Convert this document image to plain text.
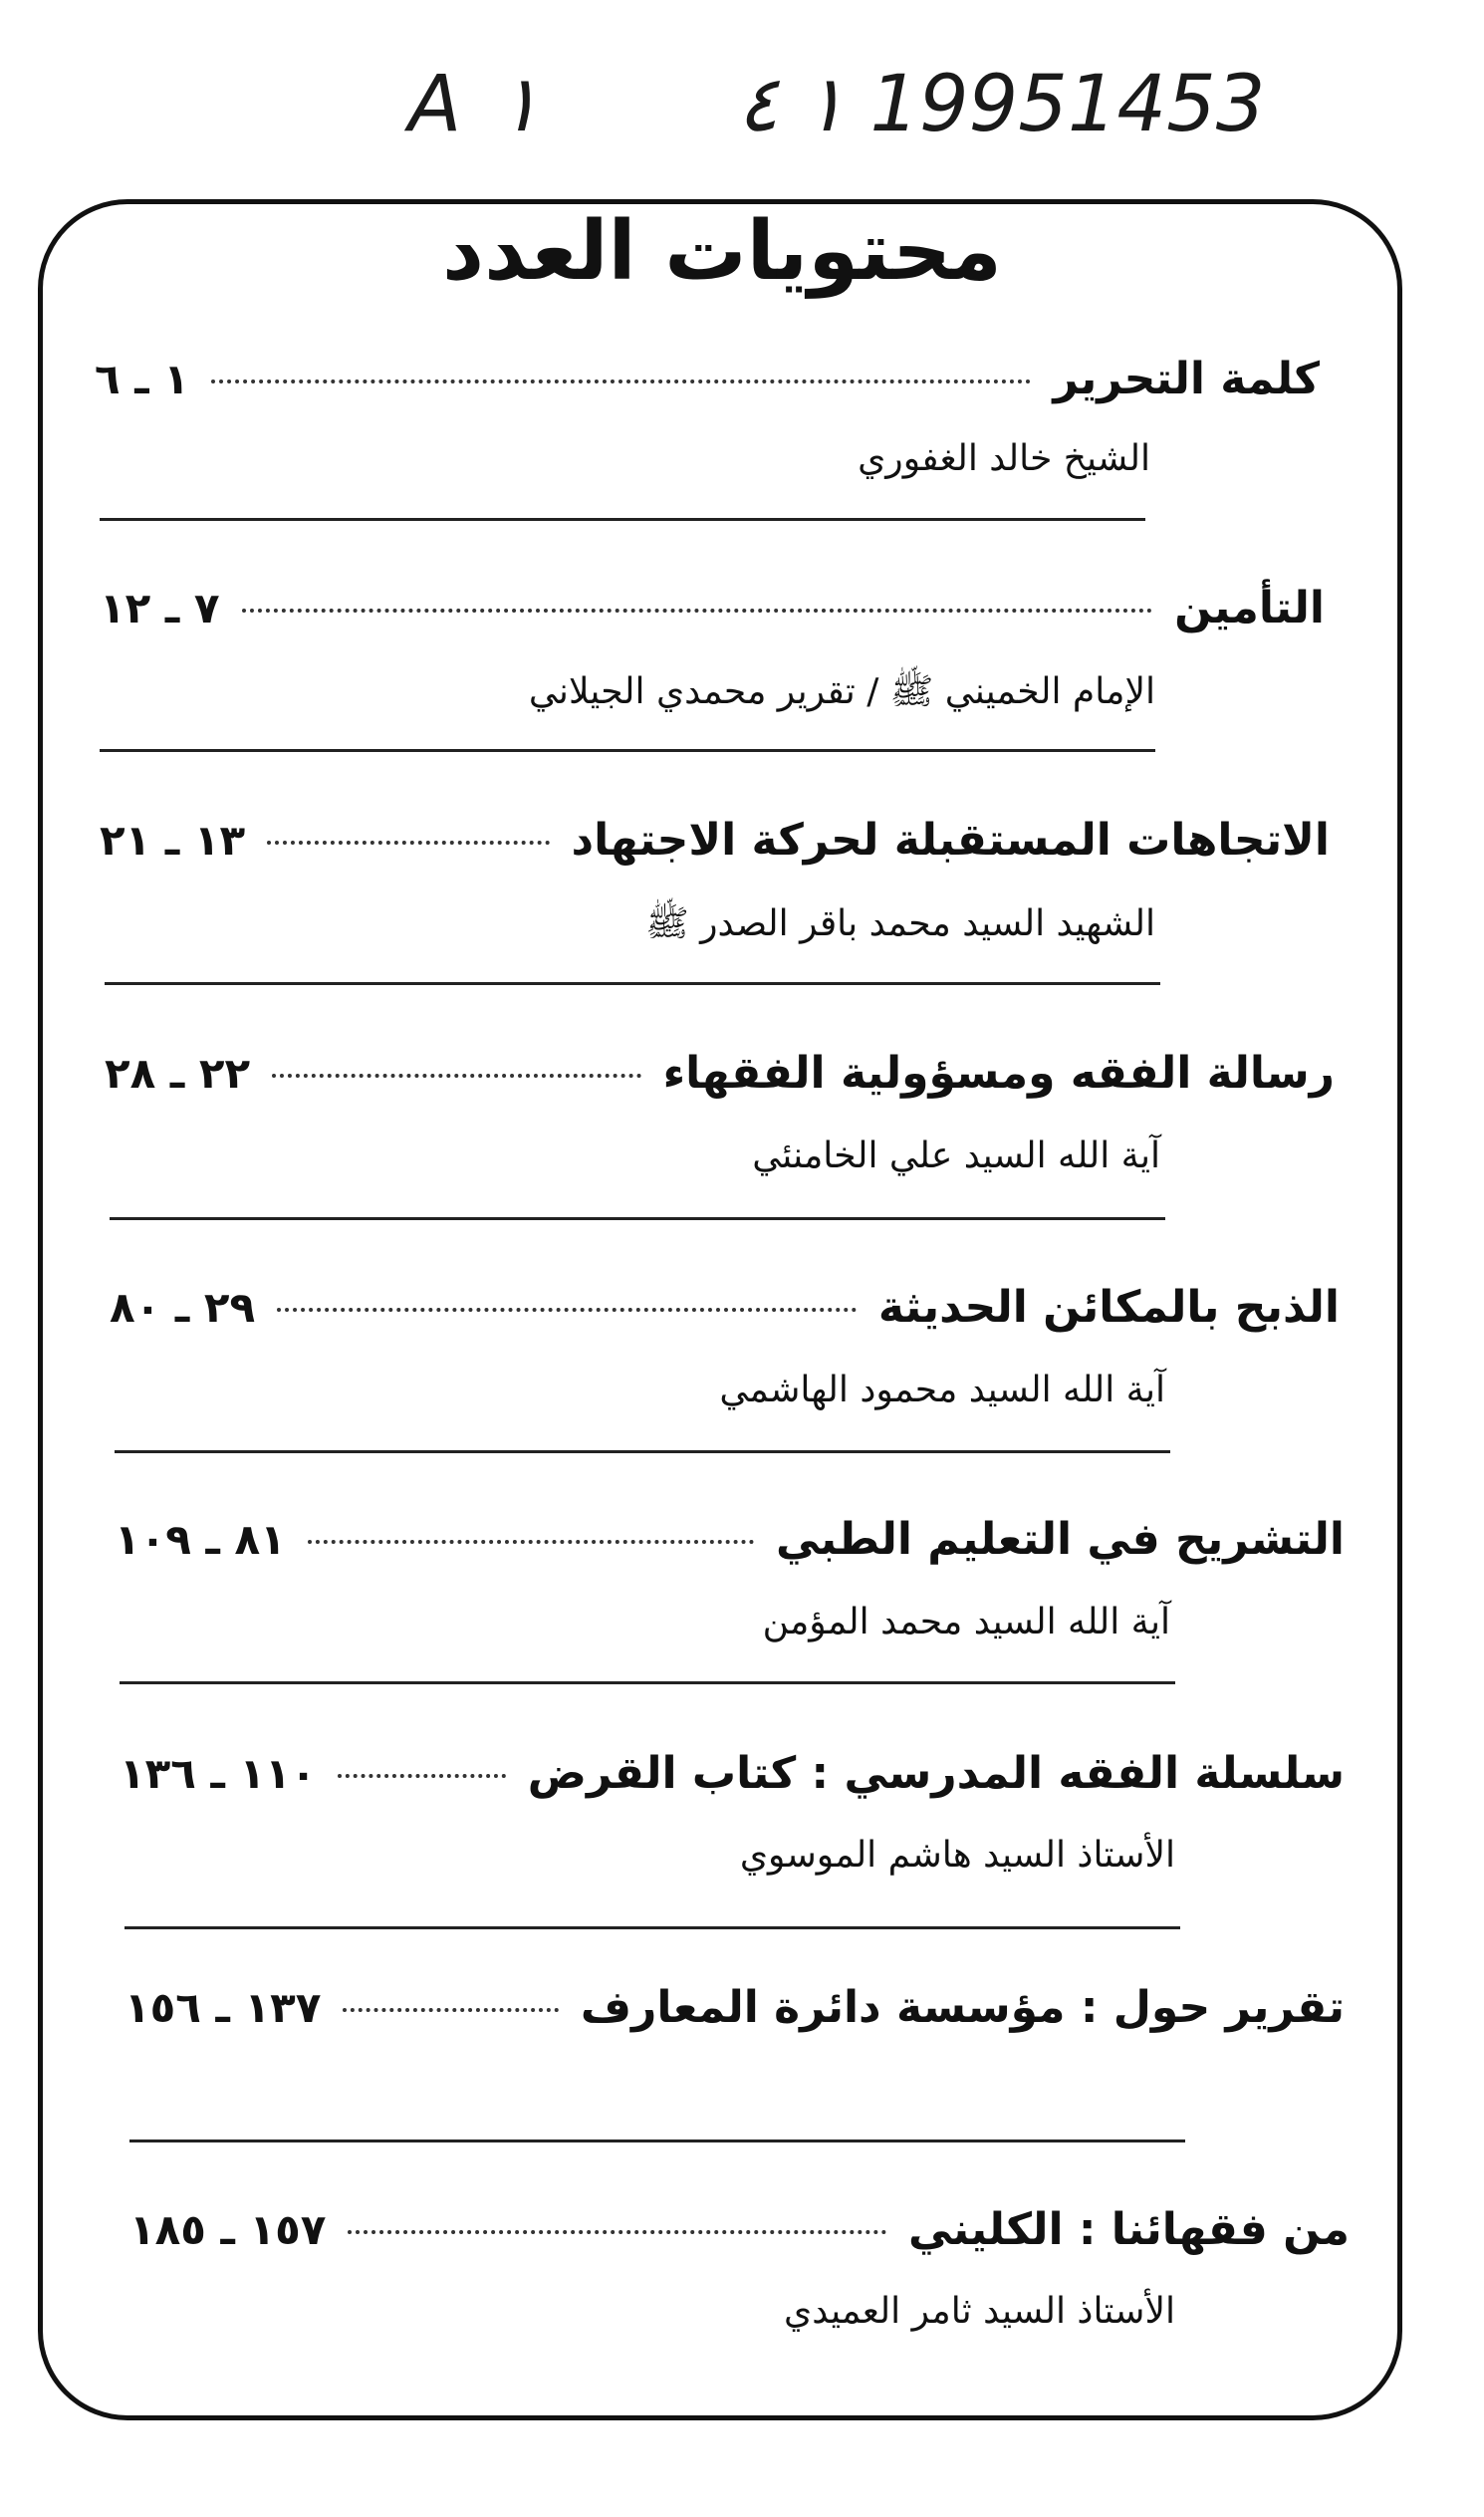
A ١	١ ٤ 19951453
محتويات العدد
كلمة التحرير
١ ـ ٦
الشيخ خالد الغفوري
التأمين
٧ ـ ١٢
الإمام الخميني ﷺ / تقرير محمدي الجيلاني
الاتجاهات المستقبلة لحركة الاجتهاد
١٣ ـ ٢١
الشهيد السيد محمد باقر الصدر ﷺ
رسالة الفقه ومسؤولية الفقهاء
٢٢ ـ ٢٨
آية الله السيد علي الخامنئي
الذبح بالمكائن الحديثة
٢٩ ـ ٨٠
آية الله السيد محمود الهاشمي
التشريح في التعليم الطبي
٨١ ـ ١٠٩
آية الله السيد محمد المؤمن
سلسلة الفقه المدرسي : كتاب القرض
١١٠ ـ ١٣٦
الأستاذ السيد هاشم الموسوي
تقرير حول : مؤسسة دائرة المعارف
١٣٧ ـ ١٥٦
من فقهائنا : الكليني
١٥٧ ـ ١٨٥
الأستاذ السيد ثامر العميدي
